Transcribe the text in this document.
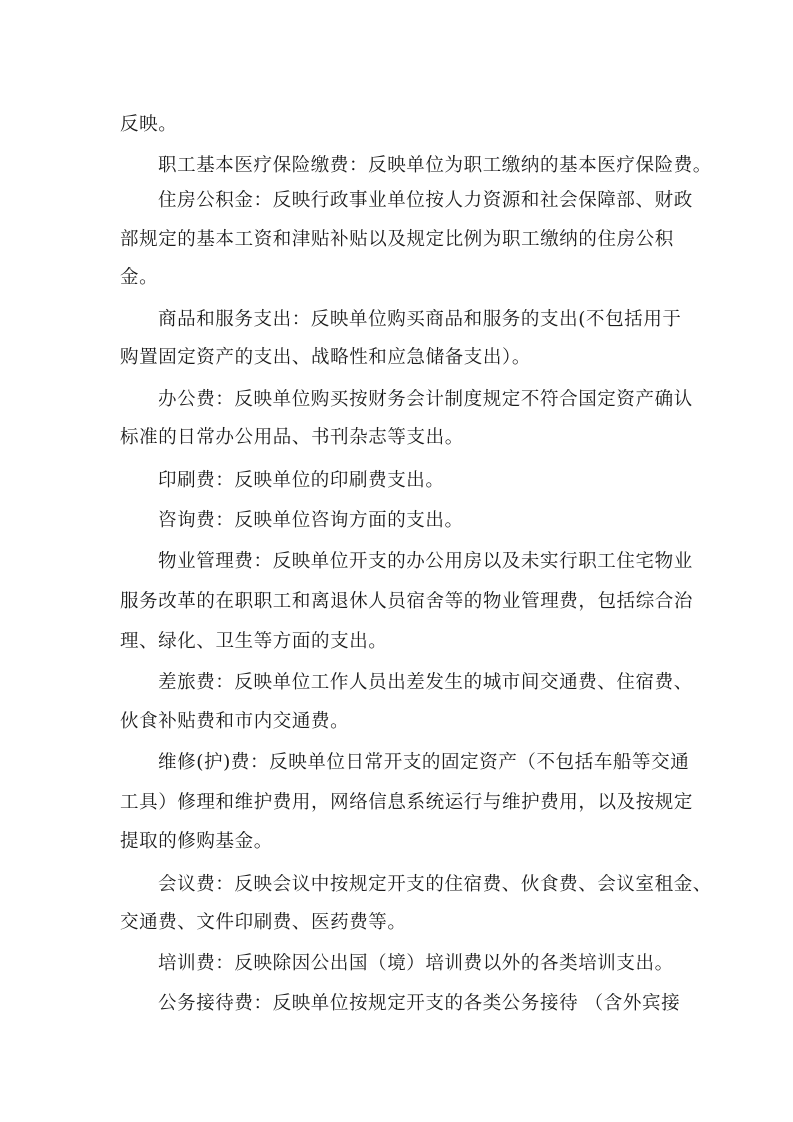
反映。
职工基本医疗保险缴费：反映单位为职工缴纳的基本医疗保险费。
住房公积金：反映行政事业单位按人力资源和社会保障部、财政
部规定的基本工资和津贴补贴以及规定比例为职工缴纳的住房公积
金。
商品和服务支出：反映单位购买商品和服务的支出(不包括用于
购置固定资产的支出、战略性和应急储备支出）。
办公费：反映单位购买按财务会计制度规定不符合国定资产确认
标准的日常办公用品、书刊杂志等支出。
印刷费：反映单位的印刷费支出。
咨询费：反映单位咨询方面的支出。
物业管理费：反映单位开支的办公用房以及未实行职工住宅物业
服务改革的在职职工和离退休人员宿舍等的物业管理费，包括综合治
理、绿化、卫生等方面的支出。
差旅费：反映单位工作人员出差发生的城市间交通费、住宿费、
伙食补贴费和市内交通费。
维修(护)费：反映单位日常开支的固定资产（不包括车船等交通
工具）修理和维护费用，网络信息系统运行与维护费用，以及按规定
提取的修购基金。
会议费：反映会议中按规定开支的住宿费、伙食费、会议室租金、
交通费、文件印刷费、医药费等。
培训费：反映除因公出国（境）培训费以外的各类培训支出。
公务接待费：反映单位按规定开支的各类公务接待 （含外宾接
